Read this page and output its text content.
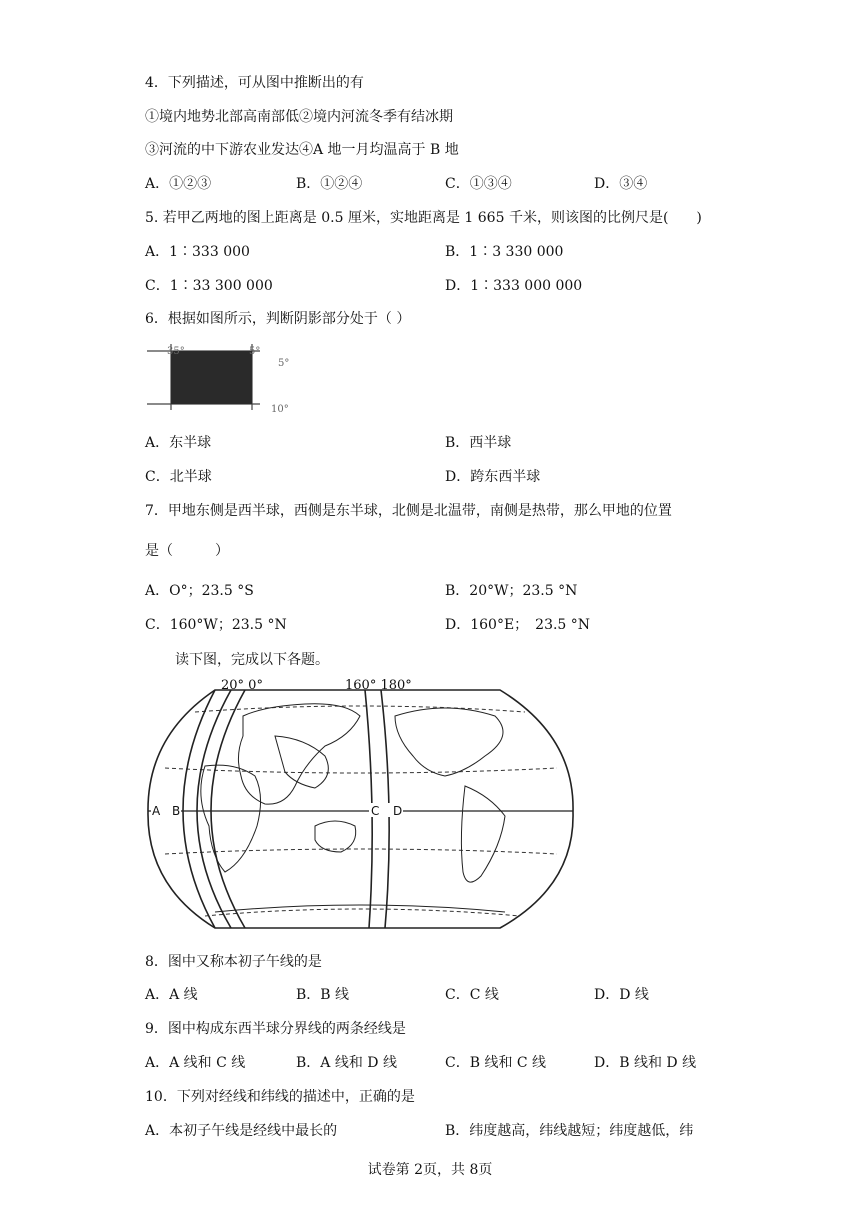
4．下列描述，可从图中推断出的有
①境内地势北部高南部低②境内河流冬季有结冰期
③河流的中下游农业发达④A 地一月均温高于 B 地
A．①②③	B．①②④	C．①③④	D．③④
5. 若甲乙两地的图上距离是 0.5 厘米，实地距离是 1 665 千米，则该图的比例尺是(　　)
A．1∶333 000	B．1∶3 330 000
C．1∶33 300 000	D．1∶333 000 000
6．根据如图所示，判断阴影部分处于（ ）
35°	5°
5°
10°
A．东半球	B．西半球
C．北半球	D．跨东西半球
7．甲地东侧是西半球，西侧是东半球，北侧是北温带，南侧是热带，那么甲地的位置
是（　　　）
A．O°；23.5 °S	B．20°W；23.5 °N
C．160°W；23.5 °N	D．160°E；　23.5 °N
读下图，完成以下各题。
20° 0°	160° 180°
A B	C D
8．图中又称本初子午线的是
A．A 线	B．B 线	C．C 线	D．D 线
9．图中构成东西半球分界线的两条经线是
A．A 线和 C 线	B．A 线和 D 线	C．B 线和 C 线	D．B 线和 D 线
10．下列对经线和纬线的描述中，正确的是
A．本初子午线是经线中最长的	B．纬度越高，纬线越短；纬度越低，纬
试卷第 2页，共 8页
